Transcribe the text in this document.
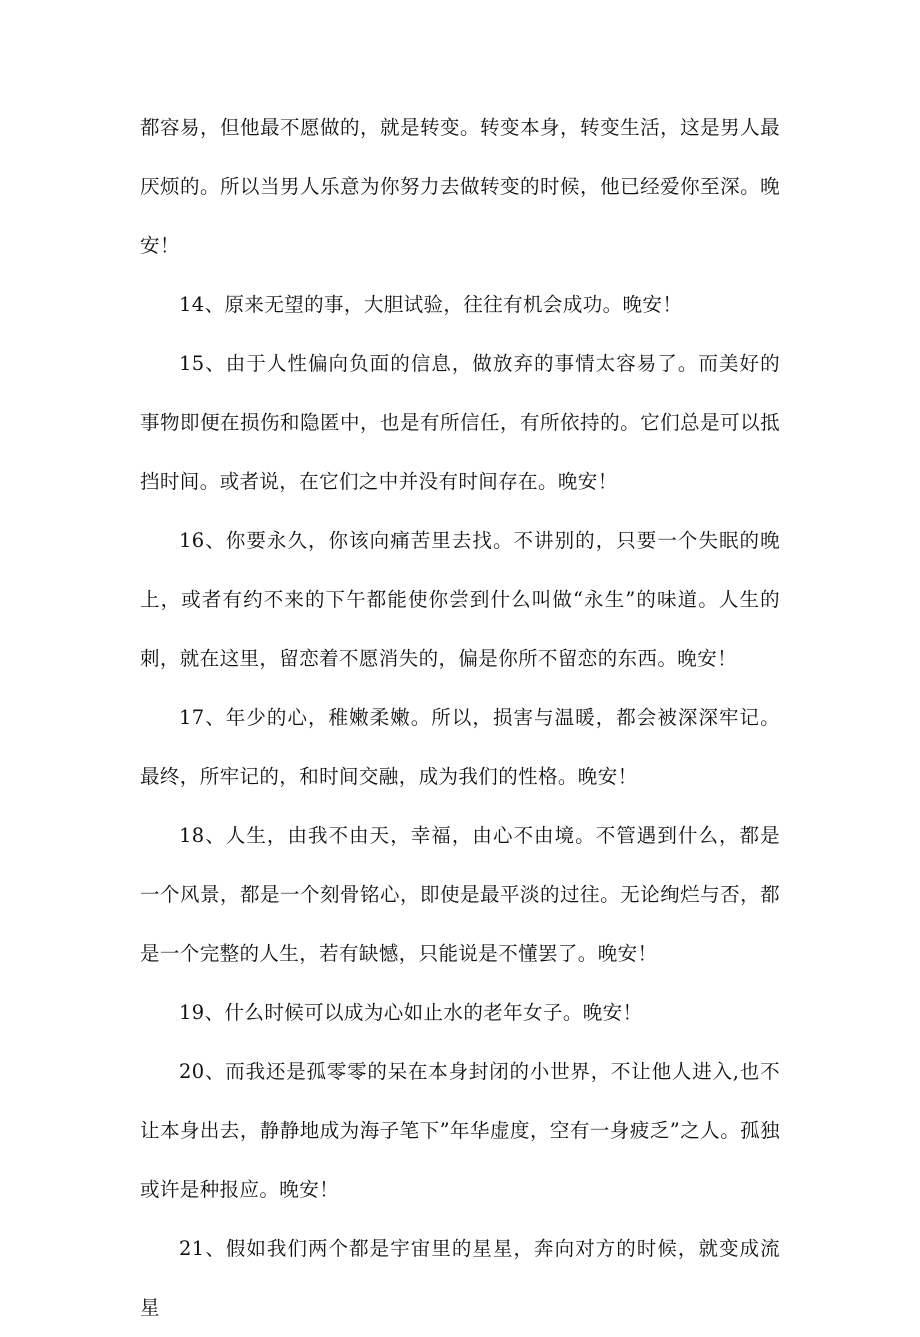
都容易，但他最不愿做的，就是转变。转变本身，转变生活，这是男人最厌烦的。所以当男人乐意为你努力去做转变的时候，他已经爱你至深。晚安！

14、原来无望的事，大胆试验，往往有机会成功。晚安！

15、由于人性偏向负面的信息，做放弃的事情太容易了。而美好的事物即便在损伤和隐匿中，也是有所信任，有所依持的。它们总是可以抵挡时间。或者说，在它们之中并没有时间存在。晚安！

16、你要永久，你该向痛苦里去找。不讲别的，只要一个失眠的晚上，或者有约不来的下午都能使你尝到什么叫做“永生”的味道。人生的刺，就在这里，留恋着不愿消失的，偏是你所不留恋的东西。晚安！

17、年少的心，稚嫩柔嫩。所以，损害与温暖，都会被深深牢记。最终，所牢记的，和时间交融，成为我们的性格。晚安！

18、人生，由我不由天，幸福，由心不由境。不管遇到什么，都是一个风景，都是一个刻骨铭心，即使是最平淡的过往。无论绚烂与否，都是一个完整的人生，若有缺憾，只能说是不懂罢了。晚安！

19、什么时候可以成为心如止水的老年女子。晚安！

20、而我还是孤零零的呆在本身封闭的小世界，不让他人进入,也不让本身出去，静静地成为海子笔下”年华虚度，空有一身疲乏”之人。孤独或许是种报应。晚安！

21、假如我们两个都是宇宙里的星星，奔向对方的时候，就变成流星
